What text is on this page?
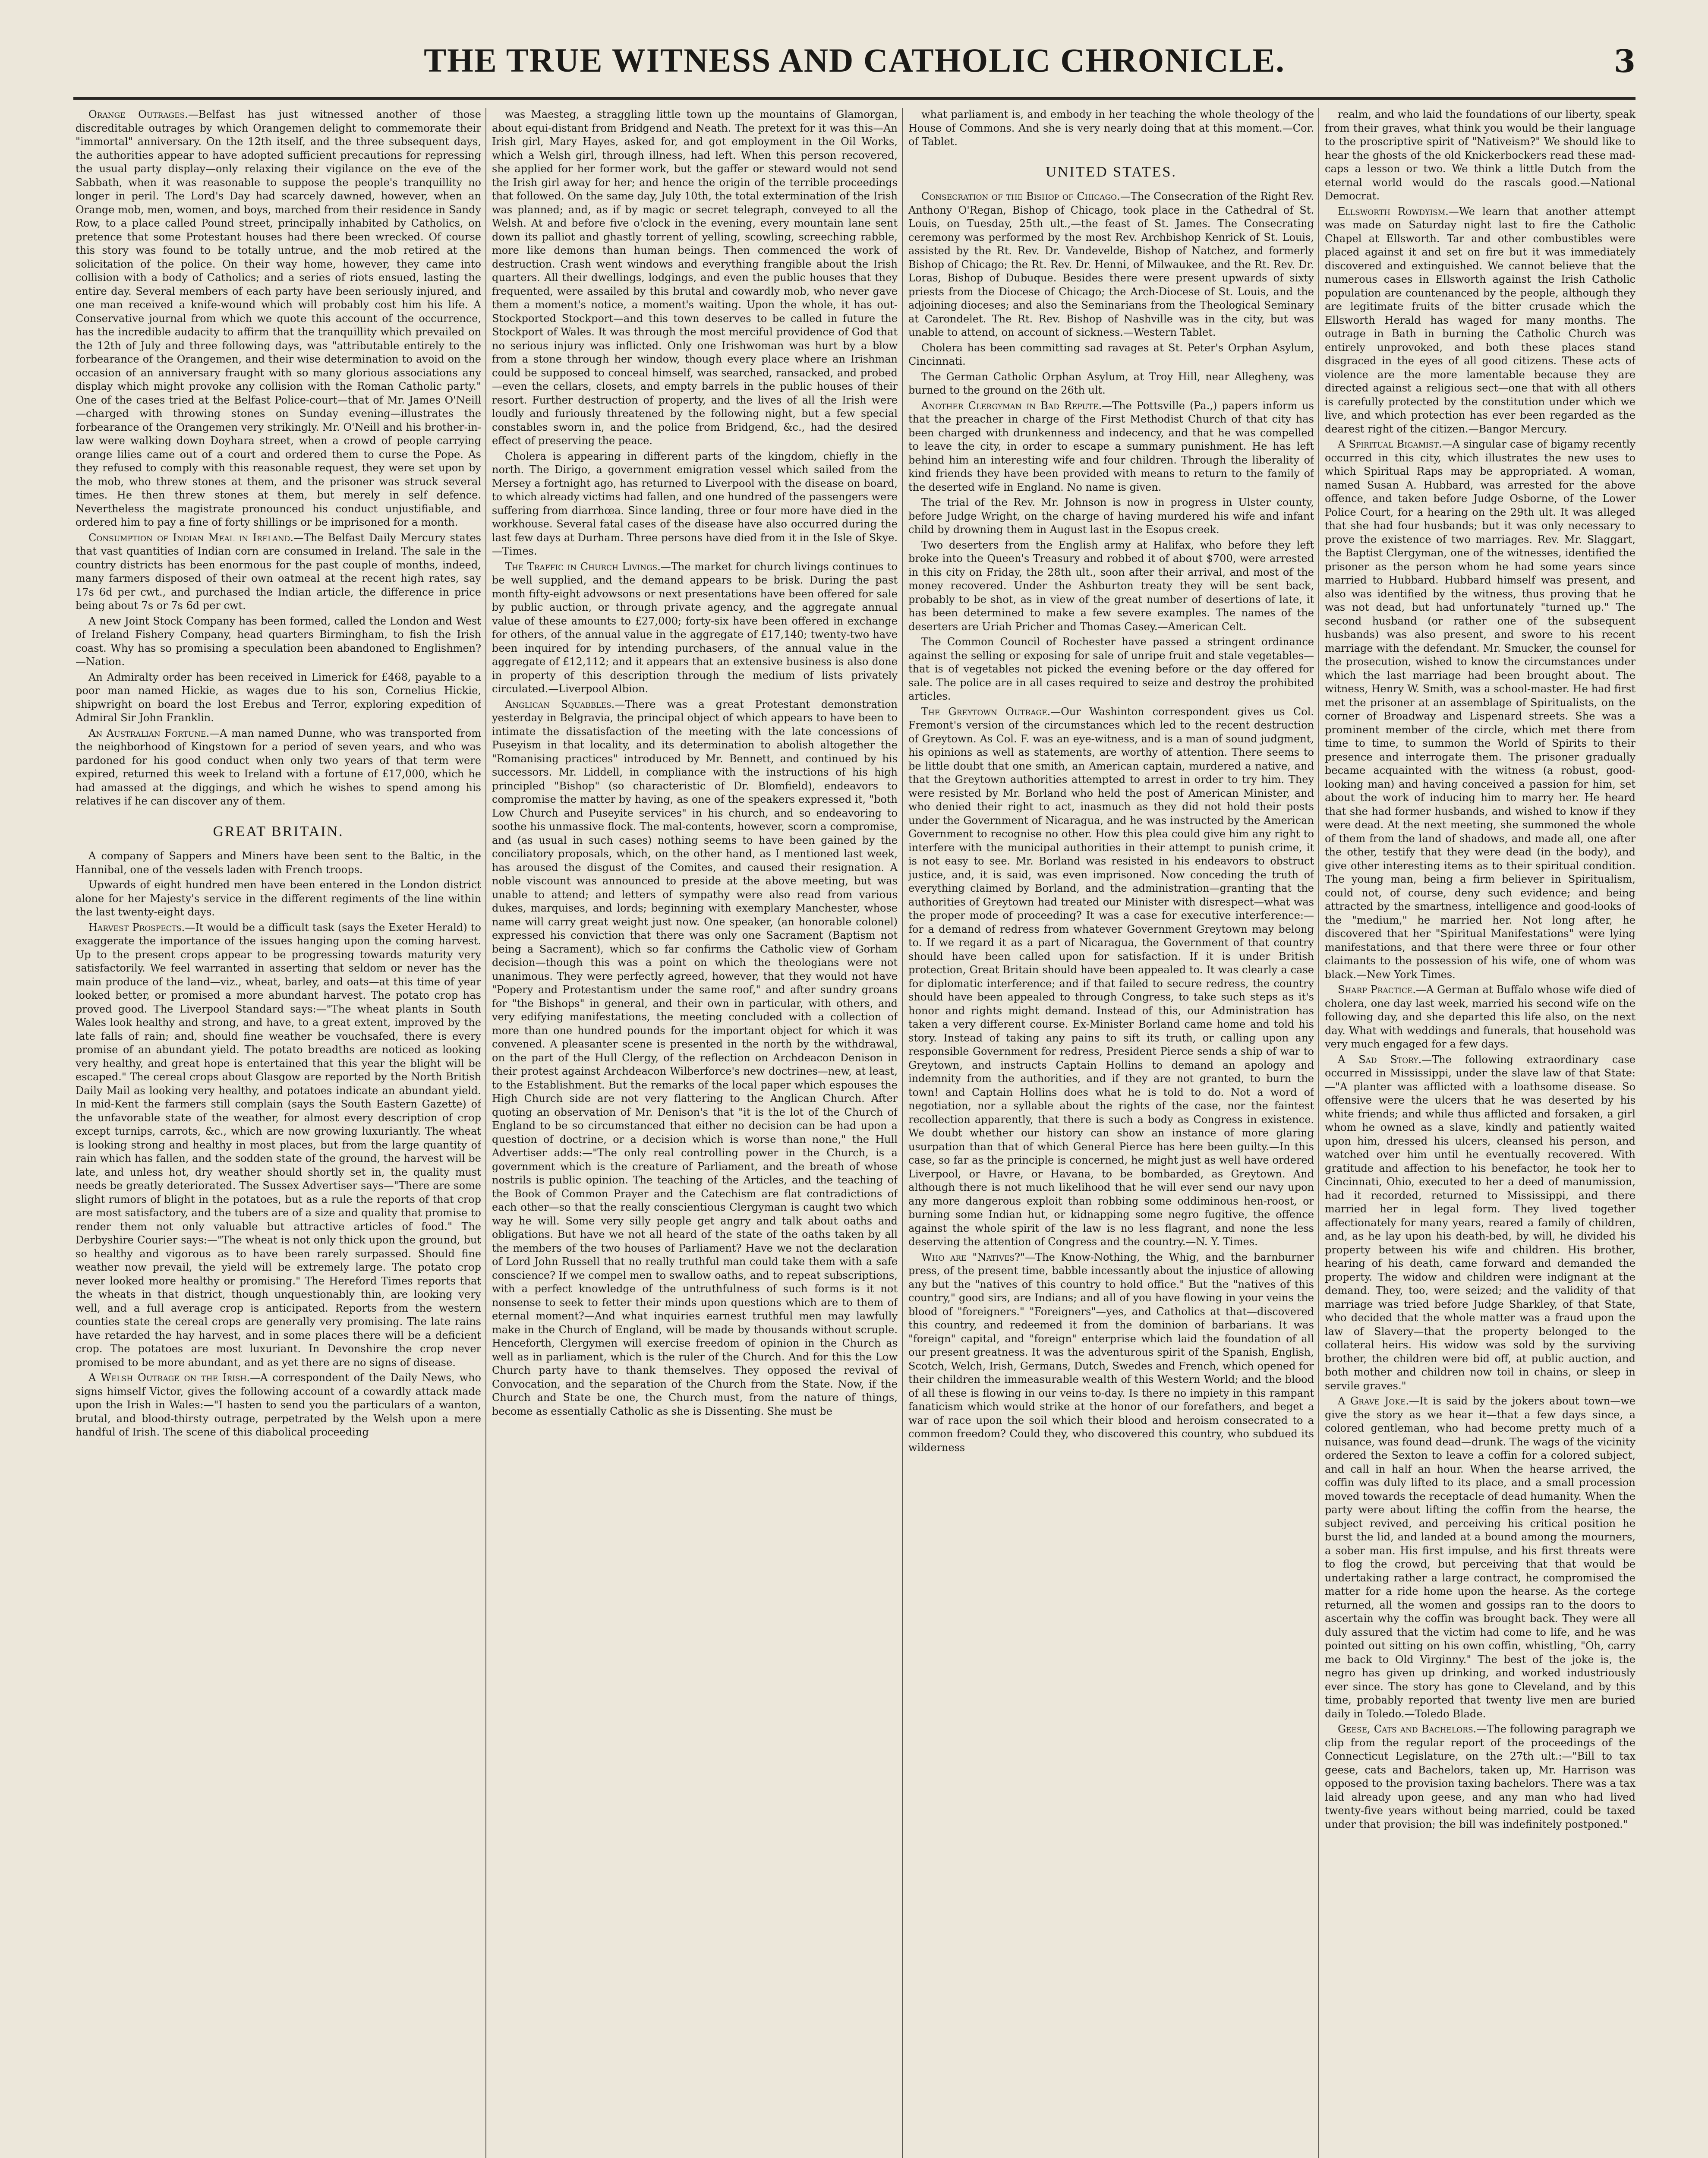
THE TRUE WITNESS AND CATHOLIC CHRONICLE.	3

Orange Outrages.—Belfast has just witnessed another of those discreditable outrages by which Orangemen delight to commemorate their "immortal" anniversary. On the 12th itself, and the three subsequent days, the authorities appear to have adopted sufficient precautions for repressing the usual party display—only relaxing their vigilance on the eve of the Sabbath, when it was reasonable to suppose the people's tranquillity no longer in peril. The Lord's Day had scarcely dawned, however, when an Orange mob, men, women, and boys, marched from their residence in Sandy Row, to a place called Pound street, principally inhabited by Catholics, on pretence that some Protestant houses had there been wrecked. Of course this story was found to be totally untrue, and the mob retired at the solicitation of the police. On their way home, however, they came into collision with a body of Catholics; and a series of riots ensued, lasting the entire day. Several members of each party have been seriously injured, and one man received a knife-wound which will probably cost him his life. A Conservative journal from which we quote this account of the occurrence, has the incredible audacity to affirm that the tranquillity which prevailed on the 12th of July and three following days, was "attributable entirely to the forbearance of the Orangemen, and their wise determination to avoid on the occasion of an anniversary fraught with so many glorious associations any display which might provoke any collision with the Roman Catholic party." One of the cases tried at the Belfast Police-court—that of Mr. James O'Neill—charged with throwing stones on Sunday evening—illustrates the forbearance of the Orangemen very strikingly. Mr. O'Neill and his brother-in-law were walking down Doyhara street, when a crowd of people carrying orange lilies came out of a court and ordered them to curse the Pope. As they refused to comply with this reasonable request, they were set upon by the mob, who threw stones at them, and the prisoner was struck several times. He then threw stones at them, but merely in self defence. Nevertheless the magistrate pronounced his conduct unjustifiable, and ordered him to pay a fine of forty shillings or be imprisoned for a month.

Consumption of Indian Meal in Ireland.—The Belfast Daily Mercury states that vast quantities of Indian corn are consumed in Ireland. The sale in the country districts has been enormous for the past couple of months, indeed, many farmers disposed of their own oatmeal at the recent high rates, say 17s 6d per cwt., and purchased the Indian article, the difference in price being about 7s or 7s 6d per cwt.

A new Joint Stock Company has been formed, called the London and West of Ireland Fishery Company, head quarters Birmingham, to fish the Irish coast. Why has so promising a speculation been abandoned to Englishmen?—Nation.

An Admiralty order has been received in Limerick for £468, payable to a poor man named Hickie, as wages due to his son, Cornelius Hickie, shipwright on board the lost Erebus and Terror, exploring expedition of Admiral Sir John Franklin.

An Australian Fortune.—A man named Dunne, who was transported from the neighborhood of Kingstown for a period of seven years, and who was pardoned for his good conduct when only two years of that term were expired, returned this week to Ireland with a fortune of £17,000, which he had amassed at the diggings, and which he wishes to spend among his relatives if he can discover any of them.

GREAT BRITAIN.

A company of Sappers and Miners have been sent to the Baltic, in the Hannibal, one of the vessels laden with French troops.

Upwards of eight hundred men have been entered in the London district alone for her Majesty's service in the different regiments of the line within the last twenty-eight days.

Harvest Prospects.—It would be a difficult task (says the Exeter Herald) to exaggerate the importance of the issues hanging upon the coming harvest. Up to the present crops appear to be progressing towards maturity very satisfactorily. We feel warranted in asserting that seldom or never has the main produce of the land—viz., wheat, barley, and oats—at this time of year looked better, or promised a more abundant harvest. The potato crop has proved good. The Liverpool Standard says:—"The wheat plants in South Wales look healthy and strong, and have, to a great extent, improved by the late falls of rain; and, should fine weather be vouchsafed, there is every promise of an abundant yield. The potato breadths are noticed as looking very healthy, and great hope is entertained that this year the blight will be escaped." The cereal crops about Glasgow are reported by the North British Daily Mail as looking very healthy, and potatoes indicate an abundant yield. In mid-Kent the farmers still complain (says the South Eastern Gazette) of the unfavorable state of the weather, for almost every description of crop except turnips, carrots, &c., which are now growing luxuriantly. The wheat is looking strong and healthy in most places, but from the large quantity of rain which has fallen, and the sodden state of the ground, the harvest will be late, and unless hot, dry weather should shortly set in, the quality must needs be greatly deteriorated. The Sussex Advertiser says—"There are some slight rumors of blight in the potatoes, but as a rule the reports of that crop are most satisfactory, and the tubers are of a size and quality that promise to render them not only valuable but attractive articles of food." The Derbyshire Courier says:—"The wheat is not only thick upon the ground, but so healthy and vigorous as to have been rarely surpassed. Should fine weather now prevail, the yield will be extremely large. The potato crop never looked more healthy or promising." The Hereford Times reports that the wheats in that district, though unquestionably thin, are looking very well, and a full average crop is anticipated. Reports from the western counties state the cereal crops are generally very promising. The late rains have retarded the hay harvest, and in some places there will be a deficient crop. The potatoes are most luxuriant. In Devonshire the crop never promised to be more abundant, and as yet there are no signs of disease.

A Welsh Outrage on the Irish.—A correspondent of the Daily News, who signs himself Victor, gives the following account of a cowardly attack made upon the Irish in Wales:—"I hasten to send you the particulars of a wanton, brutal, and blood-thirsty outrage, perpetrated by the Welsh upon a mere handful of Irish. The scene of this diabolical proceeding

was Maesteg, a straggling little town up the mountains of Glamorgan, about equi-distant from Bridgend and Neath. The pretext for it was this—An Irish girl, Mary Hayes, asked for, and got employment in the Oil Works, which a Welsh girl, through illness, had left. When this person recovered, she applied for her former work, but the gaffer or steward would not send the Irish girl away for her; and hence the origin of the terrible proceedings that followed. On the same day, July 10th, the total extermination of the Irish was planned; and, as if by magic or secret telegraph, conveyed to all the Welsh. At and before five o'clock in the evening, every mountain lane sent down its palliot and ghastly torrent of yelling, scowling, screeching rabble, more like demons than human beings. Then commenced the work of destruction. Crash went windows and everything frangible about the Irish quarters. All their dwellings, lodgings, and even the public houses that they frequented, were assailed by this brutal and cowardly mob, who never gave them a moment's notice, a moment's waiting. Upon the whole, it has out-Stockported Stockport—and this town deserves to be called in future the Stockport of Wales. It was through the most merciful providence of God that no serious injury was inflicted. Only one Irishwoman was hurt by a blow from a stone through her window, though every place where an Irishman could be supposed to conceal himself, was searched, ransacked, and probed—even the cellars, closets, and empty barrels in the public houses of their resort. Further destruction of property, and the lives of all the Irish were loudly and furiously threatened by the following night, but a few special constables sworn in, and the police from Bridgend, &c., had the desired effect of preserving the peace.

Cholera is appearing in different parts of the kingdom, chiefly in the north. The Dirigo, a government emigration vessel which sailed from the Mersey a fortnight ago, has returned to Liverpool with the disease on board, to which already victims had fallen, and one hundred of the passengers were suffering from diarrhœa. Since landing, three or four more have died in the workhouse. Several fatal cases of the disease have also occurred during the last few days at Durham. Three persons have died from it in the Isle of Skye.—Times.

The Traffic in Church Livings.—The market for church livings continues to be well supplied, and the demand appears to be brisk. During the past month fifty-eight advowsons or next presentations have been offered for sale by public auction, or through private agency, and the aggregate annual value of these amounts to £27,000; forty-six have been offered in exchange for others, of the annual value in the aggregate of £17,140; twenty-two have been inquired for by intending purchasers, of the annual value in the aggregate of £12,112; and it appears that an extensive business is also done in property of this description through the medium of lists privately circulated.—Liverpool Albion.

Anglican Squabbles.—There was a great Protestant demonstration yesterday in Belgravia, the principal object of which appears to have been to intimate the dissatisfaction of the meeting with the late concessions of Puseyism in that locality, and its determination to abolish altogether the "Romanising practices" introduced by Mr. Bennett, and continued by his successors. Mr. Liddell, in compliance with the instructions of his high principled "Bishop" (so characteristic of Dr. Blomfield), endeavors to compromise the matter by having, as one of the speakers expressed it, "both Low Church and Puseyite services" in his church, and so endeavoring to soothe his unmassive flock. The mal-contents, however, scorn a compromise, and (as usual in such cases) nothing seems to have been gained by the conciliatory proposals, which, on the other hand, as I mentioned last week, has aroused the disgust of the Comites, and caused their resignation. A noble viscount was announced to preside at the above meeting, but was unable to attend; and letters of sympathy were also read from various dukes, marquises, and lords; beginning with exemplary Manchester, whose name will carry great weight just now. One speaker, (an honorable colonel) expressed his conviction that there was only one Sacrament (Baptism not being a Sacrament), which so far confirms the Catholic view of Gorham decision—though this was a point on which the theologians were not unanimous. They were perfectly agreed, however, that they would not have "Popery and Protestantism under the same roof," and after sundry groans for "the Bishops" in general, and their own in particular, with others, and very edifying manifestations, the meeting concluded with a collection of more than one hundred pounds for the important object for which it was convened. A pleasanter scene is presented in the north by the withdrawal, on the part of the Hull Clergy, of the reflection on Archdeacon Denison in their protest against Archdeacon Wilberforce's new doctrines—new, at least, to the Establishment. But the remarks of the local paper which espouses the High Church side are not very flattering to the Anglican Church. After quoting an observation of Mr. Denison's that "it is the lot of the Church of England to be so circumstanced that either no decision can be had upon a question of doctrine, or a decision which is worse than none," the Hull Advertiser adds:—"The only real controlling power in the Church, is a government which is the creature of Parliament, and the breath of whose nostrils is public opinion. The teaching of the Articles, and the teaching of the Book of Common Prayer and the Catechism are flat contradictions of each other—so that the really conscientious Clergyman is caught two which way he will. Some very silly people get angry and talk about oaths and obligations. But have we not all heard of the state of the oaths taken by all the members of the two houses of Parliament? Have we not the declaration of Lord John Russell that no really truthful man could take them with a safe conscience? If we compel men to swallow oaths, and to repeat subscriptions, with a perfect knowledge of the untruthfulness of such forms is it not nonsense to seek to fetter their minds upon questions which are to them of eternal moment?—And what inquiries earnest truthful men may lawfully make in the Church of England, will be made by thousands without scruple. Henceforth, Clergymen will exercise freedom of opinion in the Church as well as in parliament, which is the ruler of the Church. And for this the Low Church party have to thank themselves. They opposed the revival of Convocation, and the separation of the Church from the State. Now, if the Church and State be one, the Church must, from the nature of things, become as essentially Catholic as she is Dissenting. She must be

what parliament is, and embody in her teaching the whole theology of the House of Commons. And she is very nearly doing that at this moment.—Cor. of Tablet.

UNITED STATES.

Consecration of the Bishop of Chicago.—The Consecration of the Right Rev. Anthony O'Regan, Bishop of Chicago, took place in the Cathedral of St. Louis, on Tuesday, 25th ult.,—the feast of St. James. The Consecrating ceremony was performed by the most Rev. Archbishop Kenrick of St. Louis, assisted by the Rt. Rev. Dr. Vandevelde, Bishop of Natchez, and formerly Bishop of Chicago; the Rt. Rev. Dr. Henni, of Milwaukee, and the Rt. Rev. Dr. Loras, Bishop of Dubuque. Besides there were present upwards of sixty priests from the Diocese of Chicago; the Arch-Diocese of St. Louis, and the adjoining dioceses; and also the Seminarians from the Theological Seminary at Carondelet. The Rt. Rev. Bishop of Nashville was in the city, but was unable to attend, on account of sickness.—Western Tablet.

Cholera has been committing sad ravages at St. Peter's Orphan Asylum, Cincinnati.

The German Catholic Orphan Asylum, at Troy Hill, near Allegheny, was burned to the ground on the 26th ult.

Another Clergyman in Bad Repute.—The Pottsville (Pa.,) papers inform us that the preacher in charge of the First Methodist Church of that city has been charged with drunkenness and indecency, and that he was compelled to leave the city, in order to escape a summary punishment. He has left behind him an interesting wife and four children. Through the liberality of kind friends they have been provided with means to return to the family of the deserted wife in England. No name is given.

The trial of the Rev. Mr. Johnson is now in progress in Ulster county, before Judge Wright, on the charge of having murdered his wife and infant child by drowning them in August last in the Esopus creek.

Two deserters from the English army at Halifax, who before they left broke into the Queen's Treasury and robbed it of about $700, were arrested in this city on Friday, the 28th ult., soon after their arrival, and most of the money recovered. Under the Ashburton treaty they will be sent back, probably to be shot, as in view of the great number of desertions of late, it has been determined to make a few severe examples. The names of the deserters are Uriah Pricher and Thomas Casey.—American Celt.

The Common Council of Rochester have passed a stringent ordinance against the selling or exposing for sale of unripe fruit and stale vegetables—that is of vegetables not picked the evening before or the day offered for sale. The police are in all cases required to seize and destroy the prohibited articles.

The Greytown Outrage.—Our Washinton correspondent gives us Col. Fremont's version of the circumstances which led to the recent destruction of Greytown. As Col. F. was an eye-witness, and is a man of sound judgment, his opinions as well as statements, are worthy of attention. There seems to be little doubt that one smith, an American captain, murdered a native, and that the Greytown authorities attempted to arrest in order to try him. They were resisted by Mr. Borland who held the post of American Minister, and who denied their right to act, inasmuch as they did not hold their posts under the Government of Nicaragua, and he was instructed by the American Government to recognise no other. How this plea could give him any right to interfere with the municipal authorities in their attempt to punish crime, it is not easy to see. Mr. Borland was resisted in his endeavors to obstruct justice, and, it is said, was even imprisoned. Now conceding the truth of everything claimed by Borland, and the administration—granting that the authorities of Greytown had treated our Minister with disrespect—what was the proper mode of proceeding? It was a case for executive interference:—for a demand of redress from whatever Government Greytown may belong to. If we regard it as a part of Nicaragua, the Government of that country should have been called upon for satisfaction. If it is under British protection, Great Britain should have been appealed to. It was clearly a case for diplomatic interference; and if that failed to secure redress, the country should have been appealed to through Congress, to take such steps as it's honor and rights might demand. Instead of this, our Administration has taken a very different course. Ex-Minister Borland came home and told his story. Instead of taking any pains to sift its truth, or calling upon any responsible Government for redress, President Pierce sends a ship of war to Greytown, and instructs Captain Hollins to demand an apology and indemnity from the authorities, and if they are not granted, to burn the town! and Captain Hollins does what he is told to do. Not a word of negotiation, nor a syllable about the rights of the case, nor the faintest recollection apparently, that there is such a body as Congress in existence. We doubt whether our history can show an instance of more glaring usurpation than that of which General Pierce has here been guilty.—In this case, so far as the principle is concerned, he might just as well have ordered Liverpool, or Havre, or Havana, to be bombarded, as Greytown. And although there is not much likelihood that he will ever send our navy upon any more dangerous exploit than robbing some oddiminous hen-roost, or burning some Indian hut, or kidnapping some negro fugitive, the offence against the whole spirit of the law is no less flagrant, and none the less deserving the attention of Congress and the country.—N. Y. Times.

Who are "Natives?"—The Know-Nothing, the Whig, and the barnburner press, of the present time, babble incessantly about the injustice of allowing any but the "natives of this country to hold office." But the "natives of this country," good sirs, are Indians; and all of you have flowing in your veins the blood of "foreigners." "Foreigners"—yes, and Catholics at that—discovered this country, and redeemed it from the dominion of barbarians. It was "foreign" capital, and "foreign" enterprise which laid the foundation of all our present greatness. It was the adventurous spirit of the Spanish, English, Scotch, Welch, Irish, Germans, Dutch, Swedes and French, which opened for their children the immeasurable wealth of this Western World; and the blood of all these is flowing in our veins to-day. Is there no impiety in this rampant fanaticism which would strike at the honor of our forefathers, and beget a war of race upon the soil which their blood and heroism consecrated to a common freedom? Could they, who discovered this country, who subdued its wilderness

realm, and who laid the foundations of our liberty, speak from their graves, what think you would be their language to the proscriptive spirit of "Nativeism?" We should like to hear the ghosts of the old Knickerbockers read these mad-caps a lesson or two. We think a little Dutch from the eternal world would do the rascals good.—National Democrat.

Ellsworth Rowdyism.—We learn that another attempt was made on Saturday night last to fire the Catholic Chapel at Ellsworth. Tar and other combustibles were placed against it and set on fire but it was immediately discovered and extinguished. We cannot believe that the numerous cases in Ellsworth against the Irish Catholic population are countenanced by the people, although they are legitimate fruits of the bitter crusade which the Ellsworth Herald has waged for many months. The outrage in Bath in burning the Catholic Church was entirely unprovoked, and both these places stand disgraced in the eyes of all good citizens. These acts of violence are the more lamentable because they are directed against a religious sect—one that with all others is carefully protected by the constitution under which we live, and which protection has ever been regarded as the dearest right of the citizen.—Bangor Mercury.

A Spiritual Bigamist.—A singular case of bigamy recently occurred in this city, which illustrates the new uses to which Spiritual Raps may be appropriated. A woman, named Susan A. Hubbard, was arrested for the above offence, and taken before Judge Osborne, of the Lower Police Court, for a hearing on the 29th ult. It was alleged that she had four husbands; but it was only necessary to prove the existence of two marriages. Rev. Mr. Slaggart, the Baptist Clergyman, one of the witnesses, identified the prisoner as the person whom he had some years since married to Hubbard. Hubbard himself was present, and also was identified by the witness, thus proving that he was not dead, but had unfortunately "turned up." The second husband (or rather one of the subsequent husbands) was also present, and swore to his recent marriage with the defendant. Mr. Smucker, the counsel for the prosecution, wished to know the circumstances under which the last marriage had been brought about. The witness, Henry W. Smith, was a school-master. He had first met the prisoner at an assemblage of Spiritualists, on the corner of Broadway and Lispenard streets. She was a prominent member of the circle, which met there from time to time, to summon the World of Spirits to their presence and interrogate them. The prisoner gradually became acquainted with the witness (a robust, good-looking man) and having conceived a passion for him, set about the work of inducing him to marry her. He heard that she had former husbands, and wished to know if they were dead. At the next meeting, she summoned the whole of them from the land of shadows, and made all, one after the other, testify that they were dead (in the body), and give other interesting items as to their spiritual condition. The young man, being a firm believer in Spiritualism, could not, of course, deny such evidence; and being attracted by the smartness, intelligence and good-looks of the "medium," he married her. Not long after, he discovered that her "Spiritual Manifestations" were lying manifestations, and that there were three or four other claimants to the possession of his wife, one of whom was black.—New York Times.

Sharp Practice.—A German at Buffalo whose wife died of cholera, one day last week, married his second wife on the following day, and she departed this life also, on the next day. What with weddings and funerals, that household was very much engaged for a few days.

A Sad Story.—The following extraordinary case occurred in Mississippi, under the slave law of that State:—"A planter was afflicted with a loathsome disease. So offensive were the ulcers that he was deserted by his white friends; and while thus afflicted and forsaken, a girl whom he owned as a slave, kindly and patiently waited upon him, dressed his ulcers, cleansed his person, and watched over him until he eventually recovered. With gratitude and affection to his benefactor, he took her to Cincinnati, Ohio, executed to her a deed of manumission, had it recorded, returned to Mississippi, and there married her in legal form. They lived together affectionately for many years, reared a family of children, and, as he lay upon his death-bed, by will, he divided his property between his wife and children. His brother, hearing of his death, came forward and demanded the property. The widow and children were indignant at the demand. They, too, were seized; and the validity of that marriage was tried before Judge Sharkley, of that State, who decided that the whole matter was a fraud upon the law of Slavery—that the property belonged to the collateral heirs. His widow was sold by the surviving brother, the children were bid off, at public auction, and both mother and children now toil in chains, or sleep in servile graves."

A Grave Joke.—It is said by the jokers about town—we give the story as we hear it—that a few days since, a colored gentleman, who had become pretty much of a nuisance, was found dead—drunk. The wags of the vicinity ordered the Sexton to leave a coffin for a colored subject, and call in half an hour. When the hearse arrived, the coffin was duly lifted to its place, and a small procession moved towards the receptacle of dead humanity. When the party were about lifting the coffin from the hearse, the subject revived, and perceiving his critical position he burst the lid, and landed at a bound among the mourners, a sober man. His first impulse, and his first threats were to flog the crowd, but perceiving that that would be undertaking rather a large contract, he compromised the matter for a ride home upon the hearse. As the cortege returned, all the women and gossips ran to the doors to ascertain why the coffin was brought back. They were all duly assured that the victim had come to life, and he was pointed out sitting on his own coffin, whistling, "Oh, carry me back to Old Virginny." The best of the joke is, the negro has given up drinking, and worked industriously ever since. The story has gone to Cleveland, and by this time, probably reported that twenty live men are buried daily in Toledo.—Toledo Blade.

Geese, Cats and Bachelors.—The following paragraph we clip from the regular report of the proceedings of the Connecticut Legislature, on the 27th ult.:—"Bill to tax geese, cats and Bachelors, taken up, Mr. Harrison was opposed to the provision taxing bachelors. There was a tax laid already upon geese, and any man who had lived twenty-five years without being married, could be taxed under that provision; the bill was indefinitely postponed."
